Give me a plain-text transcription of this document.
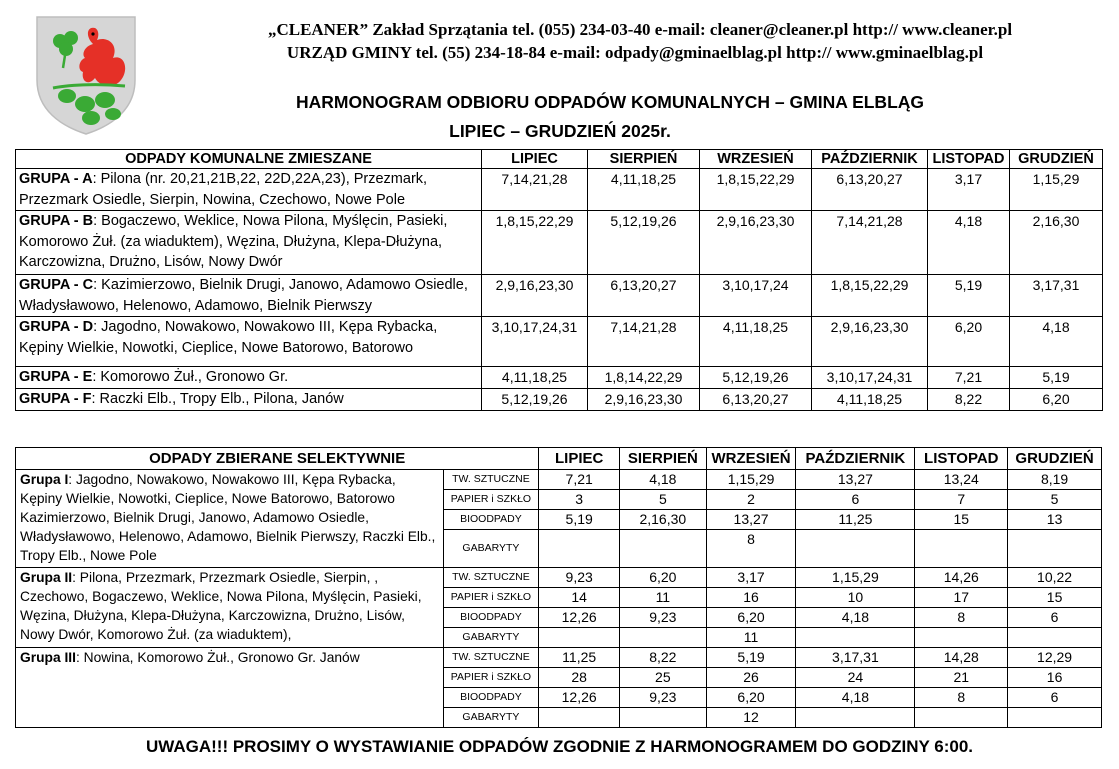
„CLEANER” Zakład Sprzątania tel. (055) 234-03-40 e-mail: cleaner@cleaner.pl http:// www.cleaner.pl
URZĄD GMINY tel. (55) 234-18-84 e-mail: odpady@gminaelblag.pl http:// www.gminaelblag.pl
HARMONOGRAM ODBIORU ODPADÓW KOMUNALNYCH – GMINA ELBLĄG
LIPIEC – GRUDZIEŃ 2025r.
ODPADY KOMUNALNE ZMIESZANE	LIPIEC	SIERPIEŃ	WRZESIEŃ	PAŹDZIERNIK	LISTOPAD	GRUDZIEŃ
GRUPA - A: Pilona (nr. 20,21,21B,22, 22D,22A,23), Przezmark, Przezmark Osiedle, Sierpin, Nowina, Czechowo, Nowe Pole	7,14,21,28	4,11,18,25	1,8,15,22,29	6,13,20,27	3,17	1,15,29
GRUPA - B: Bogaczewo, Weklice, Nowa Pilona, Myślęcin, Pasieki, Komorowo Żuł. (za wiaduktem), Węzina, Dłużyna, Klepa-Dłużyna, Karczowizna, Drużno, Lisów, Nowy Dwór	1,8,15,22,29	5,12,19,26	2,9,16,23,30	7,14,21,28	4,18	2,16,30
GRUPA - C: Kazimierzowo, Bielnik Drugi, Janowo, Adamowo Osiedle, Władysławowo, Helenowo, Adamowo, Bielnik Pierwszy	2,9,16,23,30	6,13,20,27	3,10,17,24	1,8,15,22,29	5,19	3,17,31
GRUPA - D: Jagodno, Nowakowo, Nowakowo III, Kępa Rybacka, Kępiny Wielkie, Nowotki, Cieplice, Nowe Batorowo, Batorowo	3,10,17,24,31	7,14,21,28	4,11,18,25	2,9,16,23,30	6,20	4,18
GRUPA - E: Komorowo Żuł., Gronowo Gr.	4,11,18,25	1,8,14,22,29	5,12,19,26	3,10,17,24,31	7,21	5,19
GRUPA - F: Raczki Elb., Tropy Elb., Pilona, Janów	5,12,19,26	2,9,16,23,30	6,13,20,27	4,11,18,25	8,22	6,20
ODPADY ZBIERANE SELEKTYWNIE		LIPIEC	SIERPIEŃ	WRZESIEŃ	PAŹDZIERNIK	LISTOPAD	GRUDZIEŃ
Grupa I: Jagodno, Nowakowo, Nowakowo III, Kępa Rybacka, Kępiny Wielkie, Nowotki, Cieplice, Nowe Batorowo, Batorowo Kazimierzowo, Bielnik Drugi, Janowo, Adamowo Osiedle, Władysławowo, Helenowo, Adamowo, Bielnik Pierwszy, Raczki Elb., Tropy Elb., Nowe Pole	TW. SZTUCZNE	7,21	4,18	1,15,29	13,27	13,24	8,19
	PAPIER i SZKŁO	3	5	2	6	7	5
	BIOODPADY	5,19	2,16,30	13,27	11,25	15	13
	GABARYTY			8			
Grupa II: Pilona, Przezmark, Przezmark Osiedle, Sierpin, , Czechowo, Bogaczewo, Weklice, Nowa Pilona, Myślęcin, Pasieki, Węzina, Dłużyna, Klepa-Dłużyna, Karczowizna, Drużno, Lisów, Nowy Dwór, Komorowo Żuł. (za wiaduktem),	TW. SZTUCZNE	9,23	6,20	3,17	1,15,29	14,26	10,22
	PAPIER i SZKŁO	14	11	16	10	17	15
	BIOODPADY	12,26	9,23	6,20	4,18	8	6
	GABARYTY			11			
Grupa III: Nowina, Komorowo Żuł., Gronowo Gr. Janów	TW. SZTUCZNE	11,25	8,22	5,19	3,17,31	14,28	12,29
	PAPIER i SZKŁO	28	25	26	24	21	16
	BIOODPADY	12,26	9,23	6,20	4,18	8	6
	GABARYTY			12			
UWAGA!!! PROSIMY O WYSTAWIANIE ODPADÓW ZGODNIE Z HARMONOGRAMEM DO GODZINY 6:00.
